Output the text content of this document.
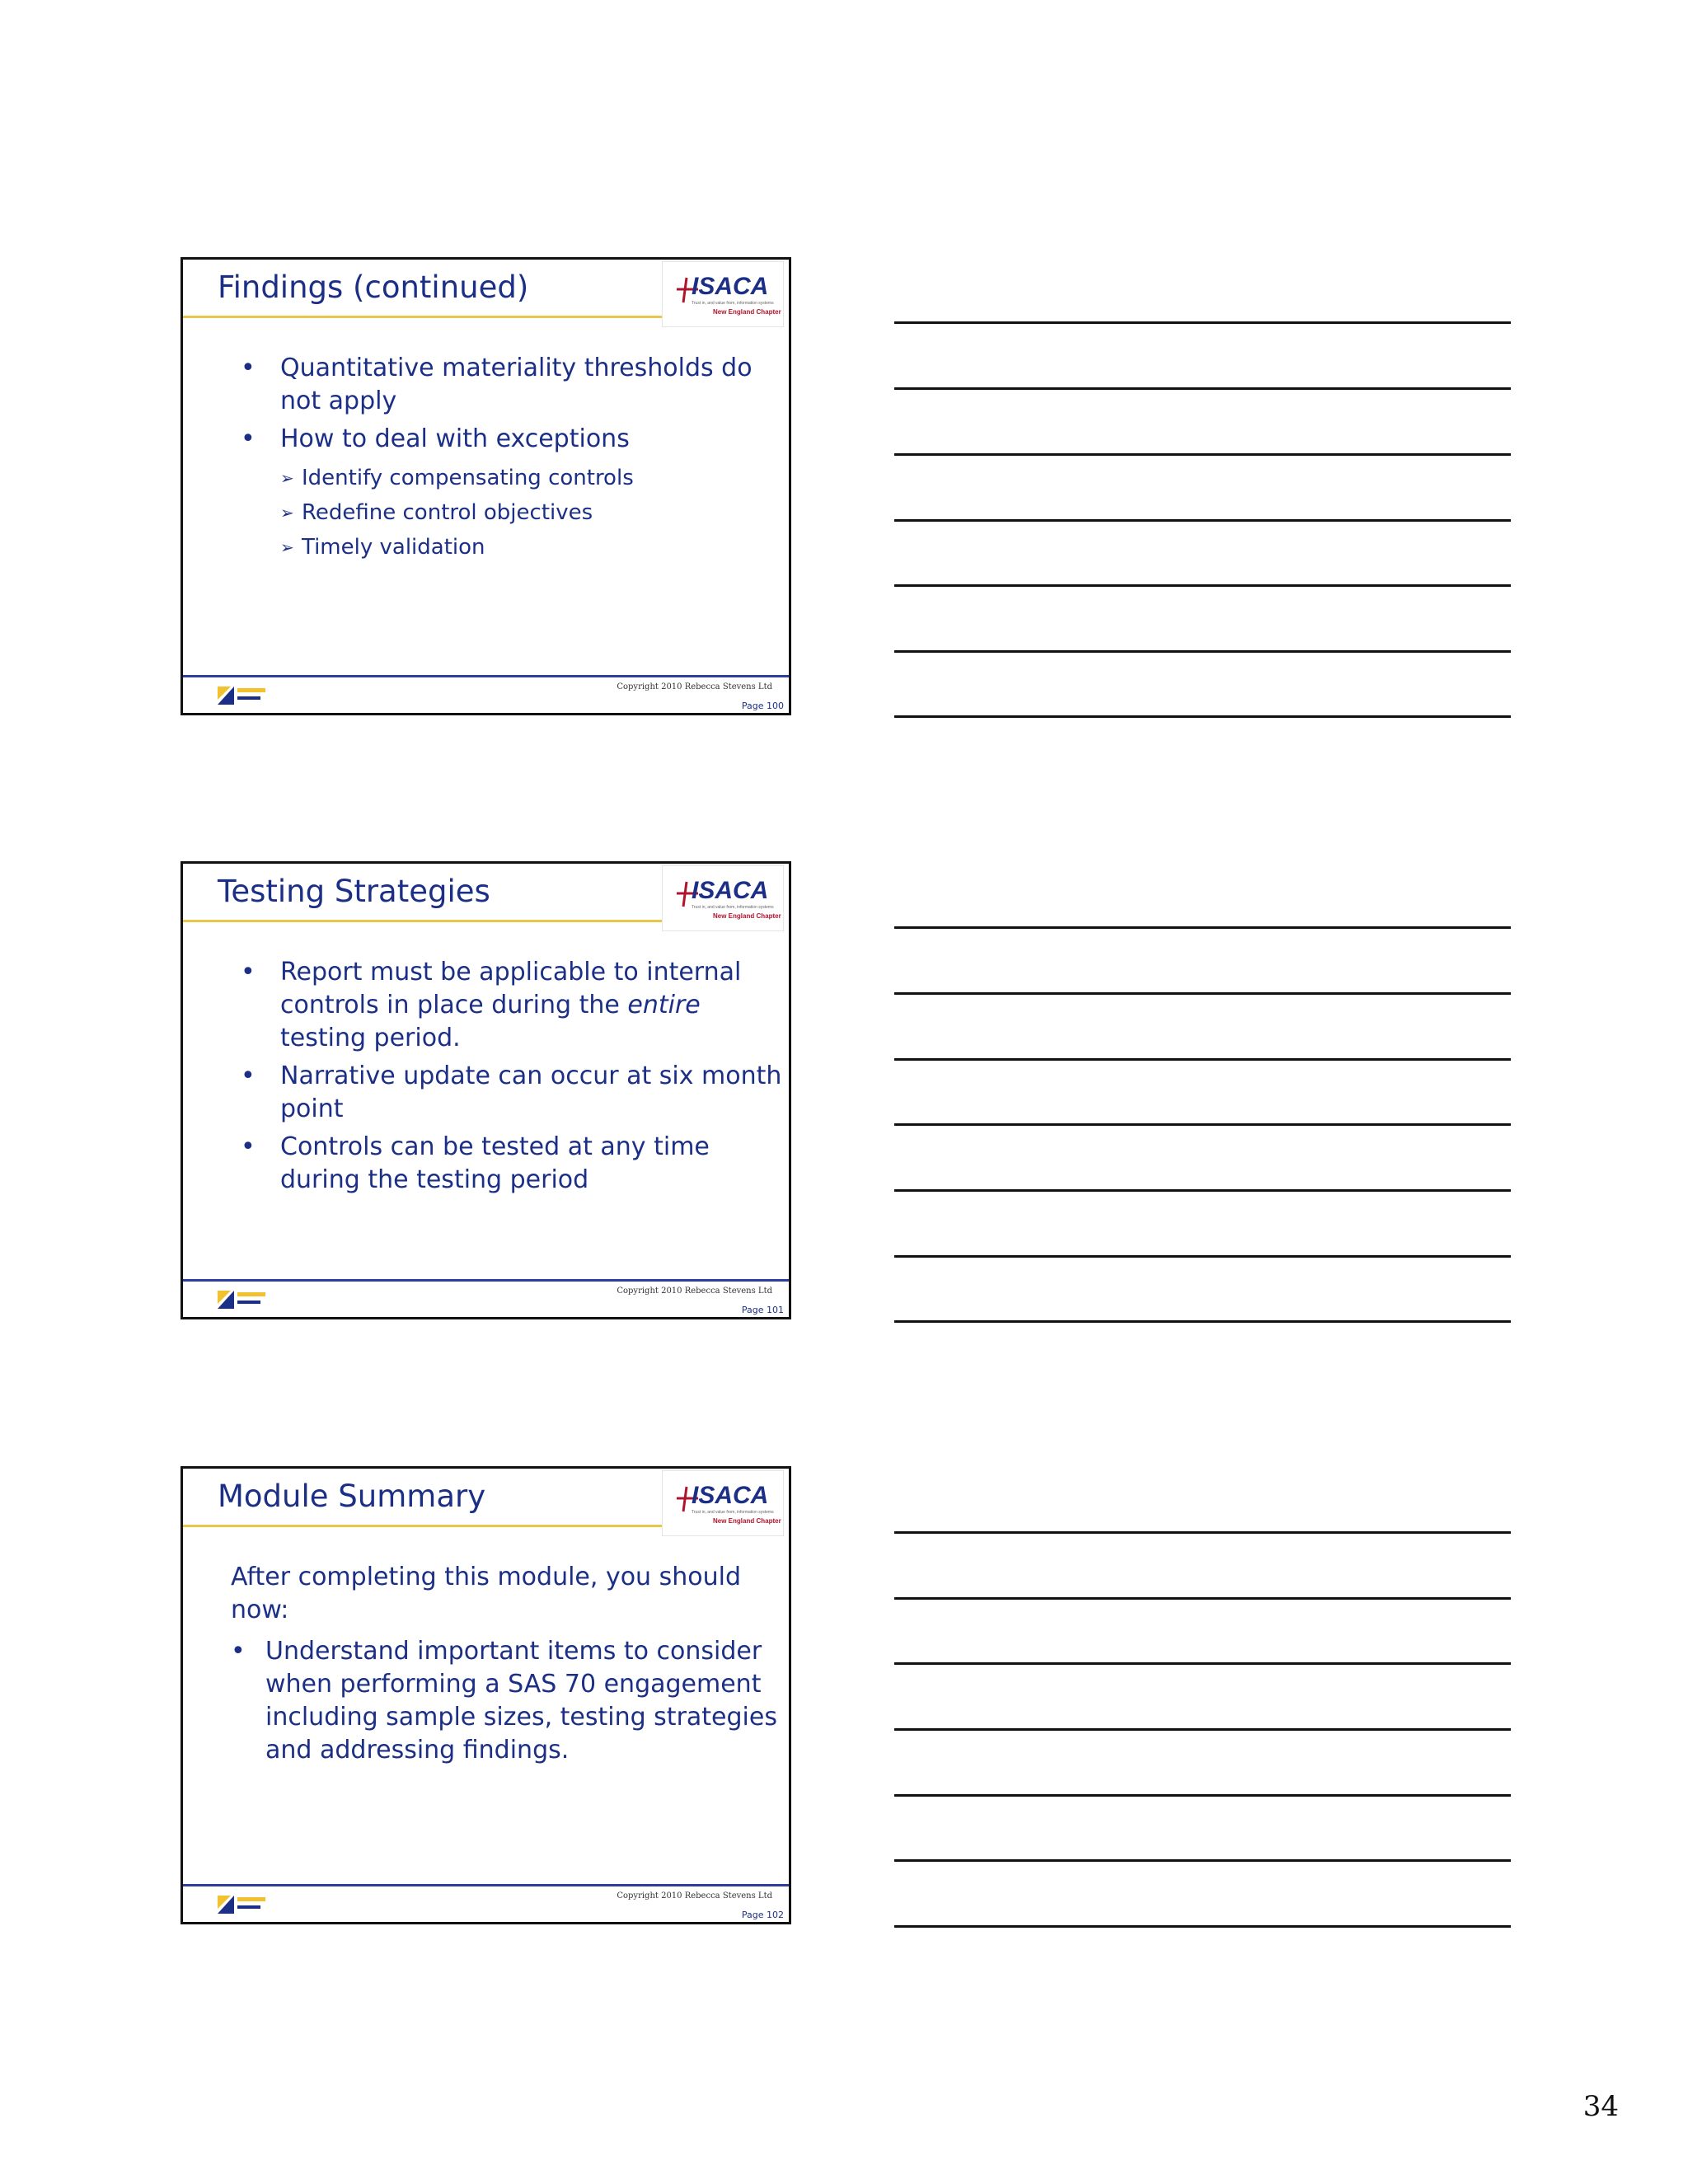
Findings (continued)	ISACA
Trust in, and value from, information systems
New England Chapter
• Quantitative materiality thresholds do not apply
• How to deal with exceptions
➢ Identify compensating controls
➢ Redefine control objectives
➢ Timely validation
Copyright 2010 Rebecca Stevens Ltd
Page 100
Testing Strategies	ISACA
Trust in, and value from, information systems
New England Chapter
• Report must be applicable to internal controls in place during the entire testing period.
• Narrative update can occur at six month point
• Controls can be tested at any time during the testing period
Copyright 2010 Rebecca Stevens Ltd
Page 101
Module Summary	ISACA
Trust in, and value from, information systems
New England Chapter
After completing this module, you should now:
• Understand important items to consider when performing a SAS 70 engagement including sample sizes, testing strategies and addressing findings.
Copyright 2010 Rebecca Stevens Ltd
Page 102
34
